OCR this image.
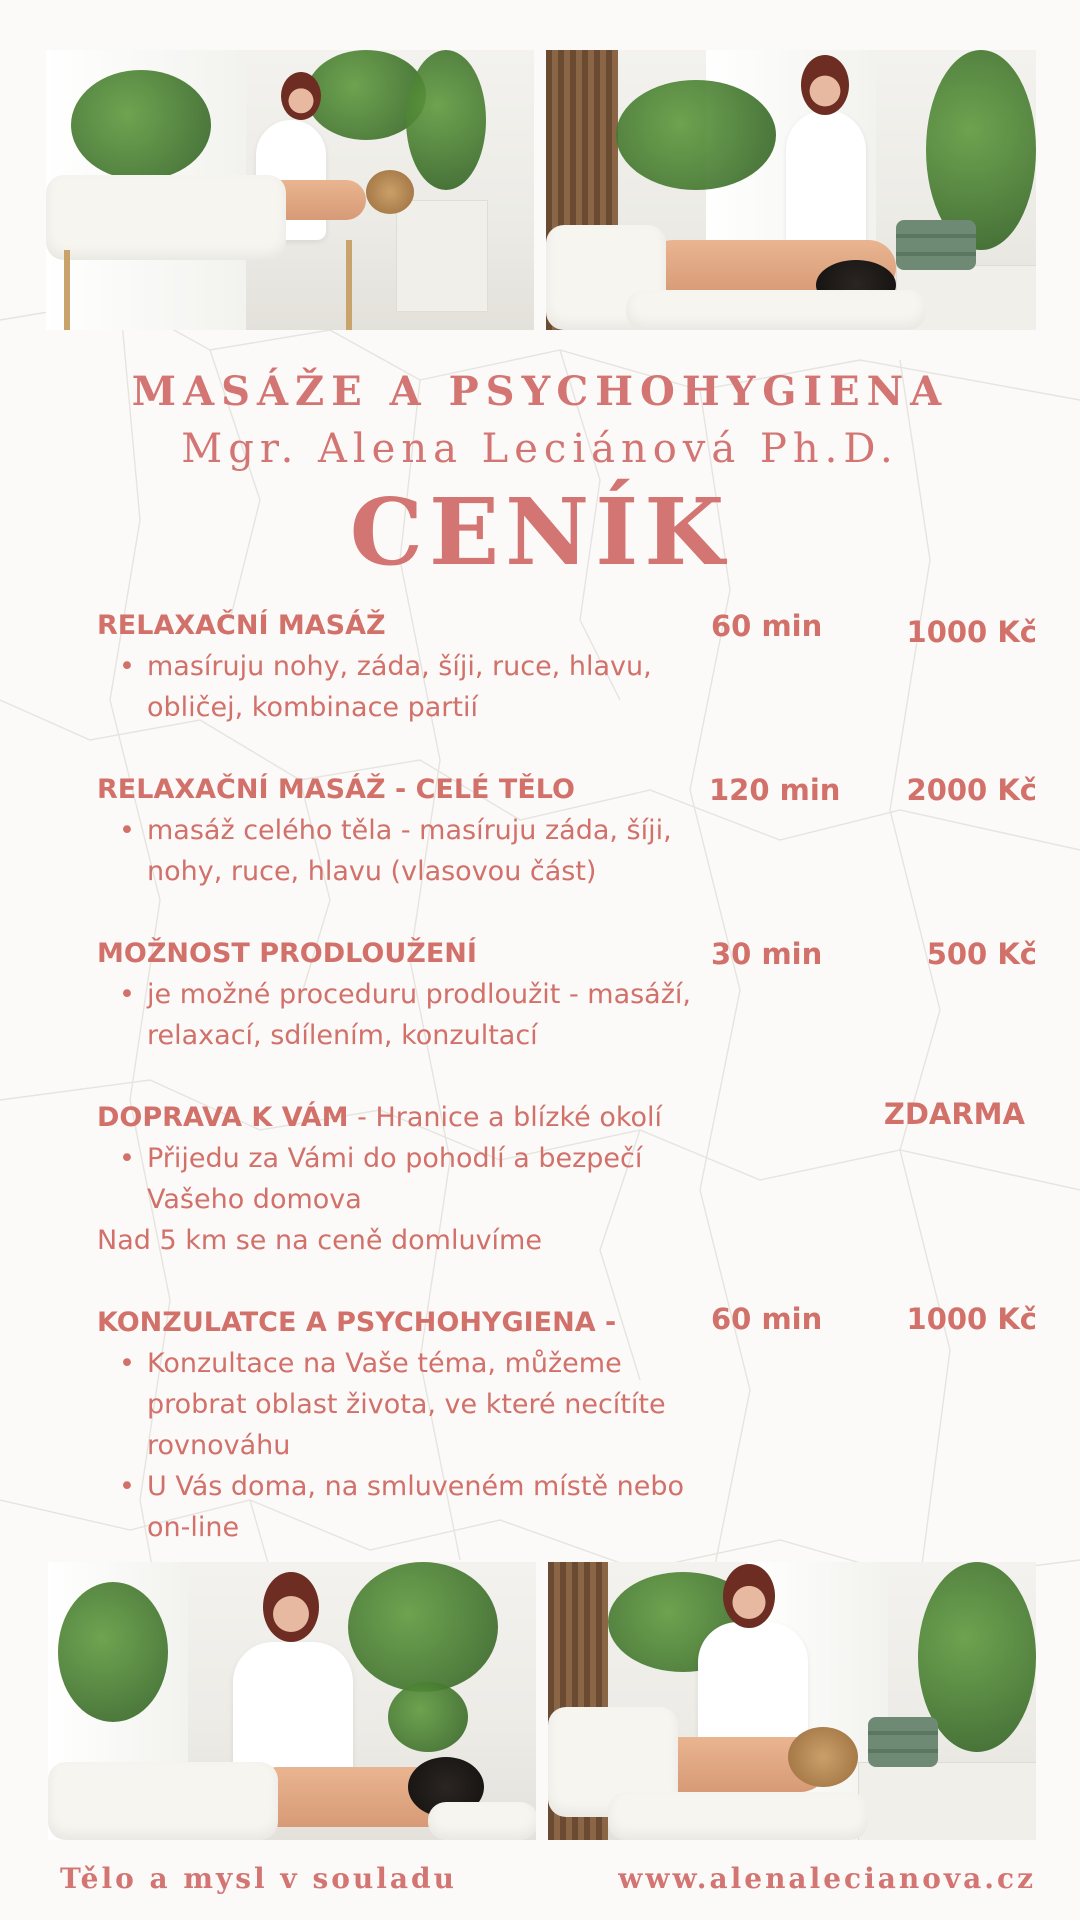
MASÁŽE A PSYCHOHYGIENA
Mgr. Alena Leciánová Ph.D.
CENÍK
RELAXAČNÍ MASÁŽ	60 min	1000 Kč
• masíruju nohy, záda, šíji, ruce, hlavu, obličej, kombinace partií
RELAXAČNÍ MASÁŽ - CELÉ TĚLO	120 min 2000 Kč
• masáž celého těla - masíruju záda, šíji, nohy, ruce, hlavu (vlasovou část)
MOŽNOST PRODLOUŽENÍ	30 min	500 Kč
• je možné proceduru prodloužit - masáží, relaxací, sdílením, konzultací
DOPRAVA K VÁM - Hranice a blízké okolí	ZDARMA
• Přijedu za Vámi do pohodlí a bezpečí Vašeho domova
Nad 5 km se na ceně domluvíme
KONZULATCE A PSYCHOHYGIENA -	60 min	1000 Kč
• Konzultace na Vaše téma, můžeme probrat oblast života, ve které necítíte rovnováhu
• U Vás doma, na smluveném místě nebo on-line
Tělo a mysl v souladu	www.alenalecianova.cz
